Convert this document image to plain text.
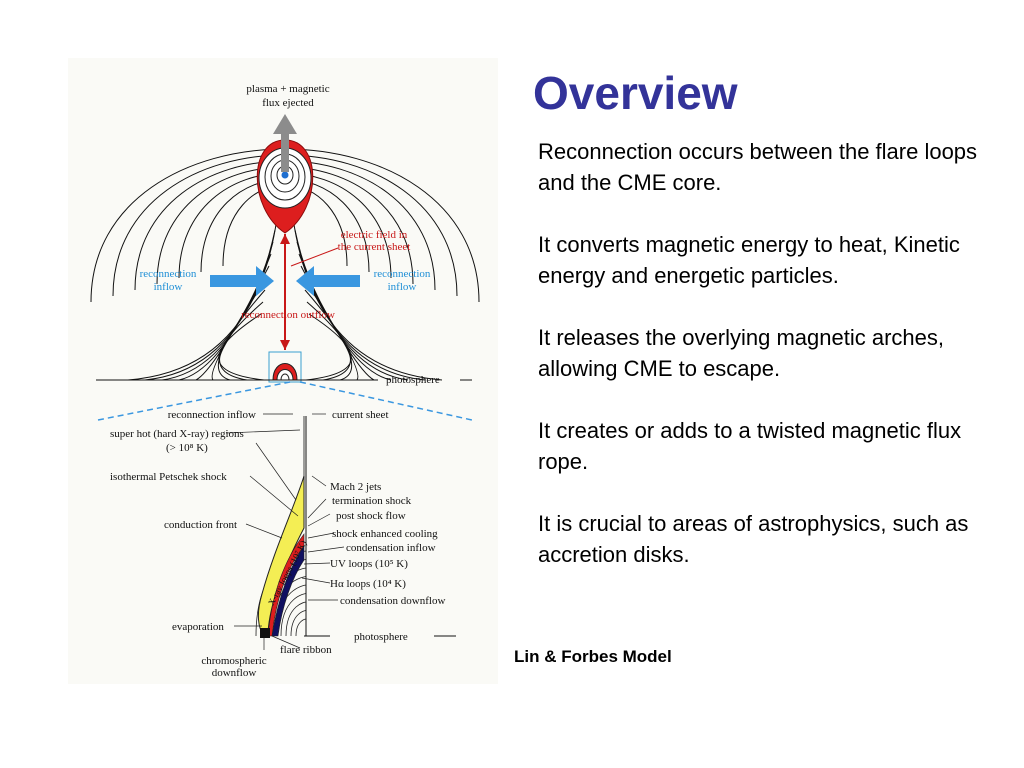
plasma + magnetic
flux ejected
electric field in
the current sheet
reconnection
inflow
reconnection
inflow
reconnection outflow
photosphere
X-ray loops (10⁷ K)
reconnection inflow	current sheet
super hot (hard X-ray) regions
(> 10⁸ K)
isothermal Petschek shock
Mach 2 jets
termination shock
post shock flow
conduction front
shock enhanced cooling
condensation inflow
UV loops (10⁵ K)
Hα loops (10⁴ K)
condensation downflow
evaporation
photosphere
flare ribbon
chromospheric
downflow
Overview

Reconnection occurs between the flare loops and the CME core.

It converts magnetic energy to heat, Kinetic energy and energetic particles.

It releases the overlying magnetic arches, allowing CME to escape.

It creates or adds to a twisted magnetic flux rope.

It is crucial to areas of astrophysics, such as accretion disks.

Lin & Forbes Model
